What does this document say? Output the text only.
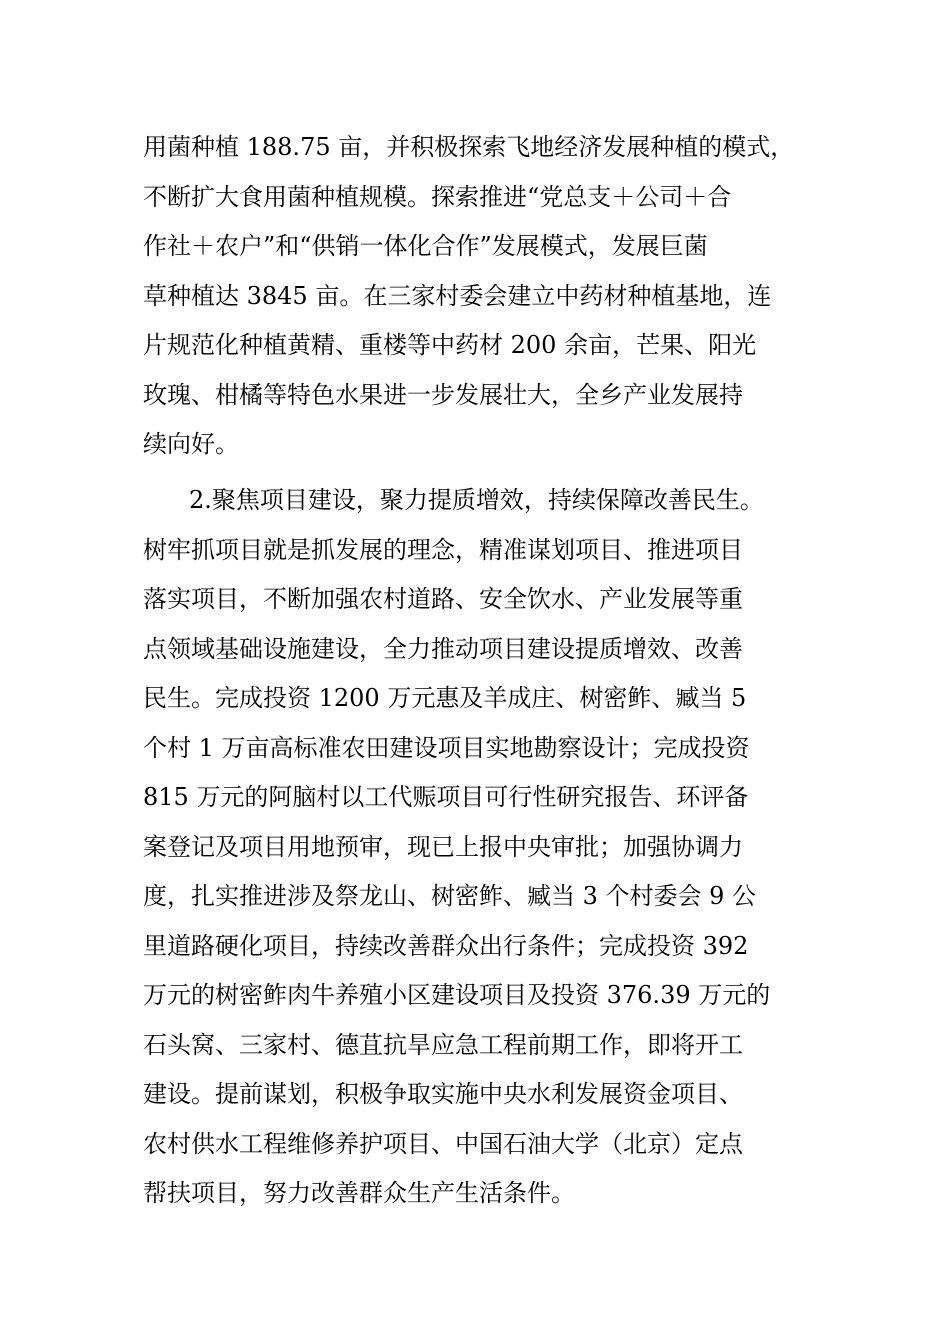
用菌种植 188.75 亩，并积极探索飞地经济发展种植的模式，
不断扩大食用菌种植规模。探索推进“党总支＋公司＋合
作社＋农户”和“供销一体化合作”发展模式，发展巨菌
草种植达 3845 亩。在三家村委会建立中药材种植基地，连
片规范化种植黄精、重楼等中药材 200 余亩，芒果、阳光
玫瑰、柑橘等特色水果进一步发展壮大，全乡产业发展持
续向好。
2.聚焦项目建设，聚力提质增效，持续保障改善民生。
树牢抓项目就是抓发展的理念，精准谋划项目、推进项目
落实项目，不断加强农村道路、安全饮水、产业发展等重
点领域基础设施建设，全力推动项目建设提质增效、改善
民生。完成投资 1200 万元惠及羊成庄、树密鲊、臧当 5
个村 1 万亩高标准农田建设项目实地勘察设计；完成投资
815 万元的阿脑村以工代赈项目可行性研究报告、环评备
案登记及项目用地预审，现已上报中央审批；加强协调力
度，扎实推进涉及祭龙山、树密鲊、臧当 3 个村委会 9 公
里道路硬化项目，持续改善群众出行条件；完成投资 392
万元的树密鲊肉牛养殖小区建设项目及投资 376.39 万元的
石头窝、三家村、德苴抗旱应急工程前期工作，即将开工
建设。提前谋划，积极争取实施中央水利发展资金项目、
农村供水工程维修养护项目、中国石油大学（北京）定点
帮扶项目，努力改善群众生产生活条件。
